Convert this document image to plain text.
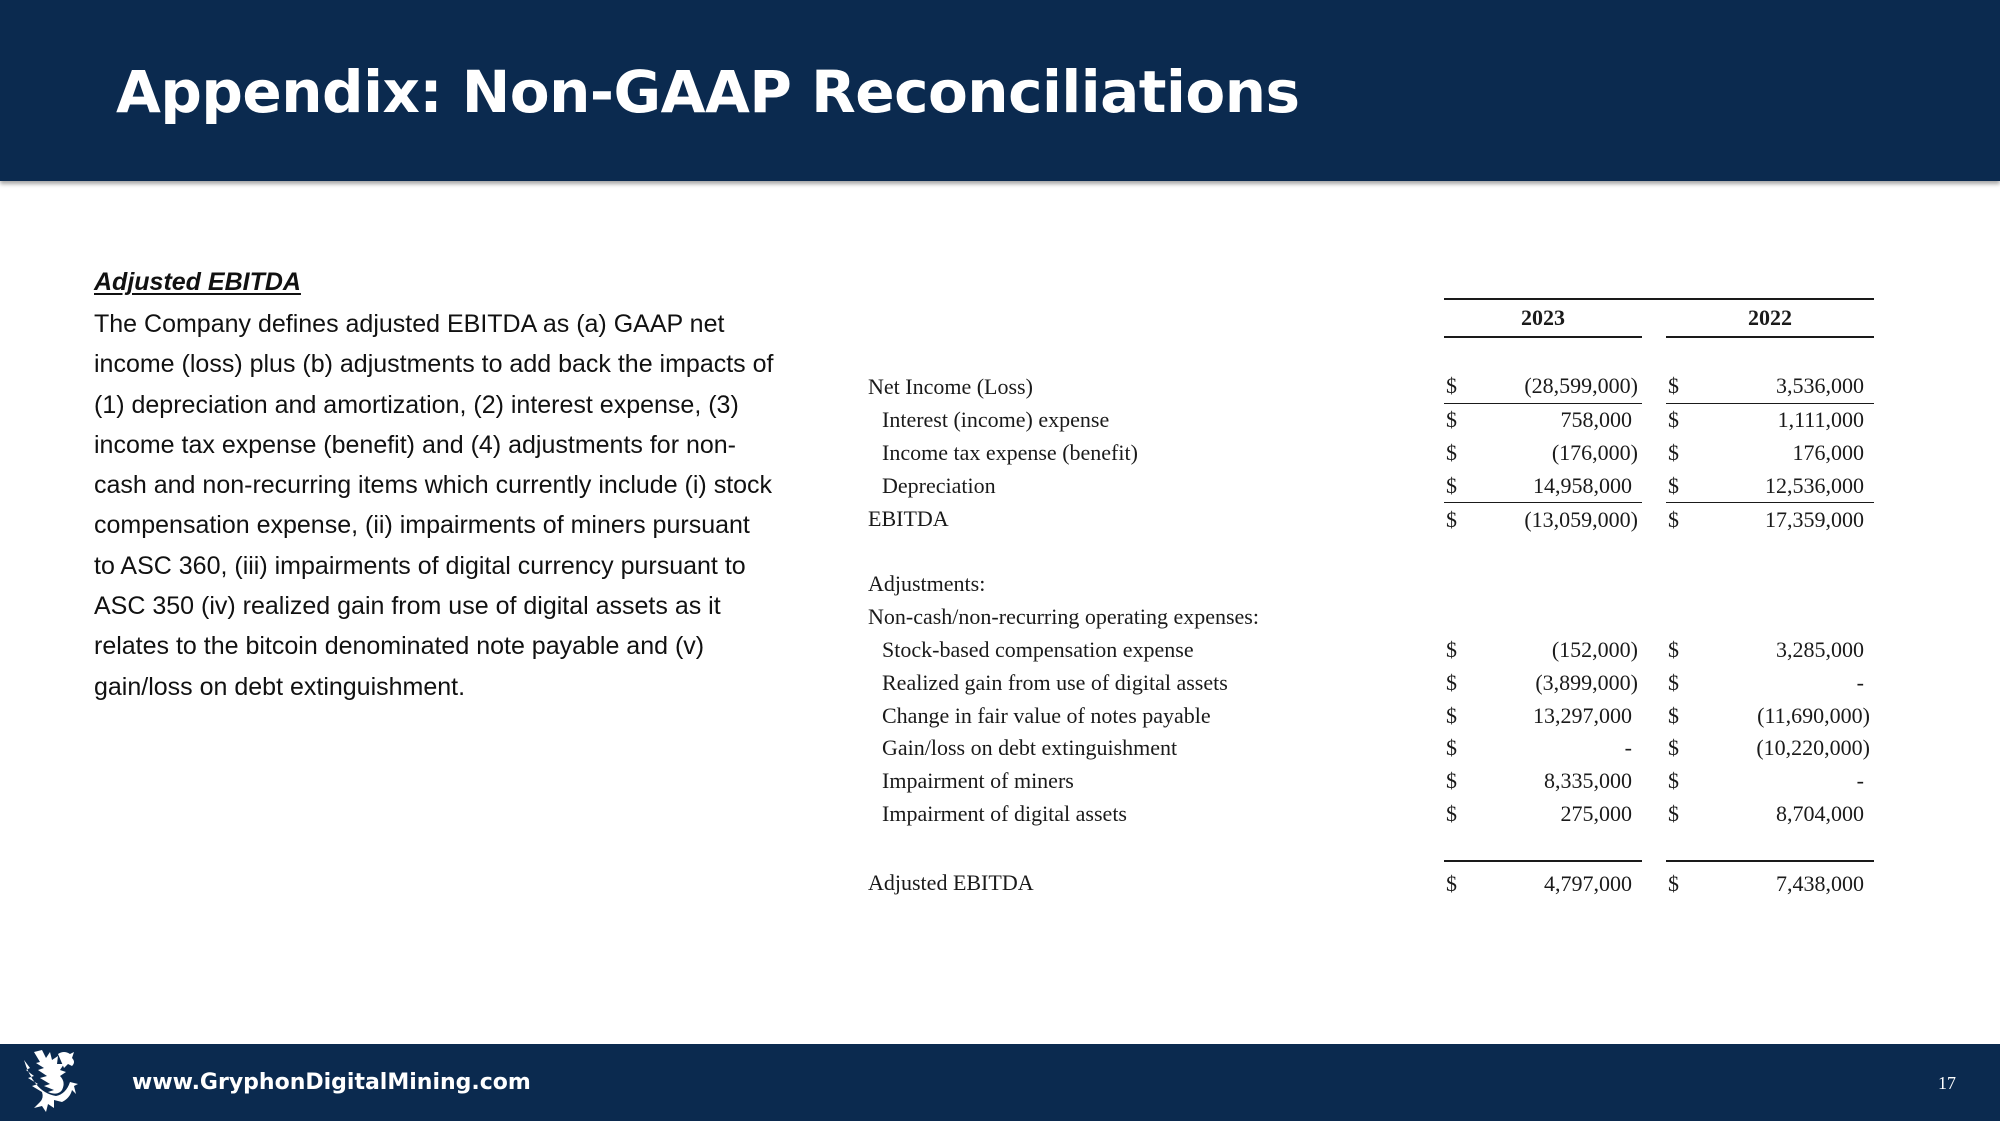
Appendix: Non-GAAP Reconciliations
Adjusted EBITDA

The Company defines adjusted EBITDA as (a) GAAP net income (loss) plus (b) adjustments to add back the impacts of (1) depreciation and amortization, (2) interest expense, (3) income tax expense (benefit) and (4) adjustments for non-cash and non-recurring items which currently include (i) stock compensation expense, (ii) impairments of miners pursuant to ASC 360, (iii) impairments of digital currency pursuant to ASC 350 (iv) realized gain from use of digital assets as it relates to the bitcoin denominated note payable and (v) gain/loss on debt extinguishment.

	2023			2022	

Net Income (Loss)	$	(28,599,000)		$	3,536,000
Interest (income) expense	$	758,000		$	1,111,000
Income tax expense (benefit)	$	(176,000)		$	176,000
Depreciation	$	14,958,000		$	12,536,000
EBITDA	$	(13,059,000)		$	17,359,000

Adjustments:					
Non-cash/non-recurring operating expenses:					
Stock-based compensation expense	$	(152,000)		$	3,285,000
Realized gain from use of digital assets	$	(3,899,000)		$	-
Change in fair value of notes payable	$	13,297,000		$	(11,690,000)
Gain/loss on debt extinguishment	$	-		$	(10,220,000)
Impairment of miners	$	8,335,000		$	-
Impairment of digital assets	$	275,000		$	8,704,000

Adjusted EBITDA	$	4,797,000		$	7,438,000
www.GryphonDigitalMining.com	17
